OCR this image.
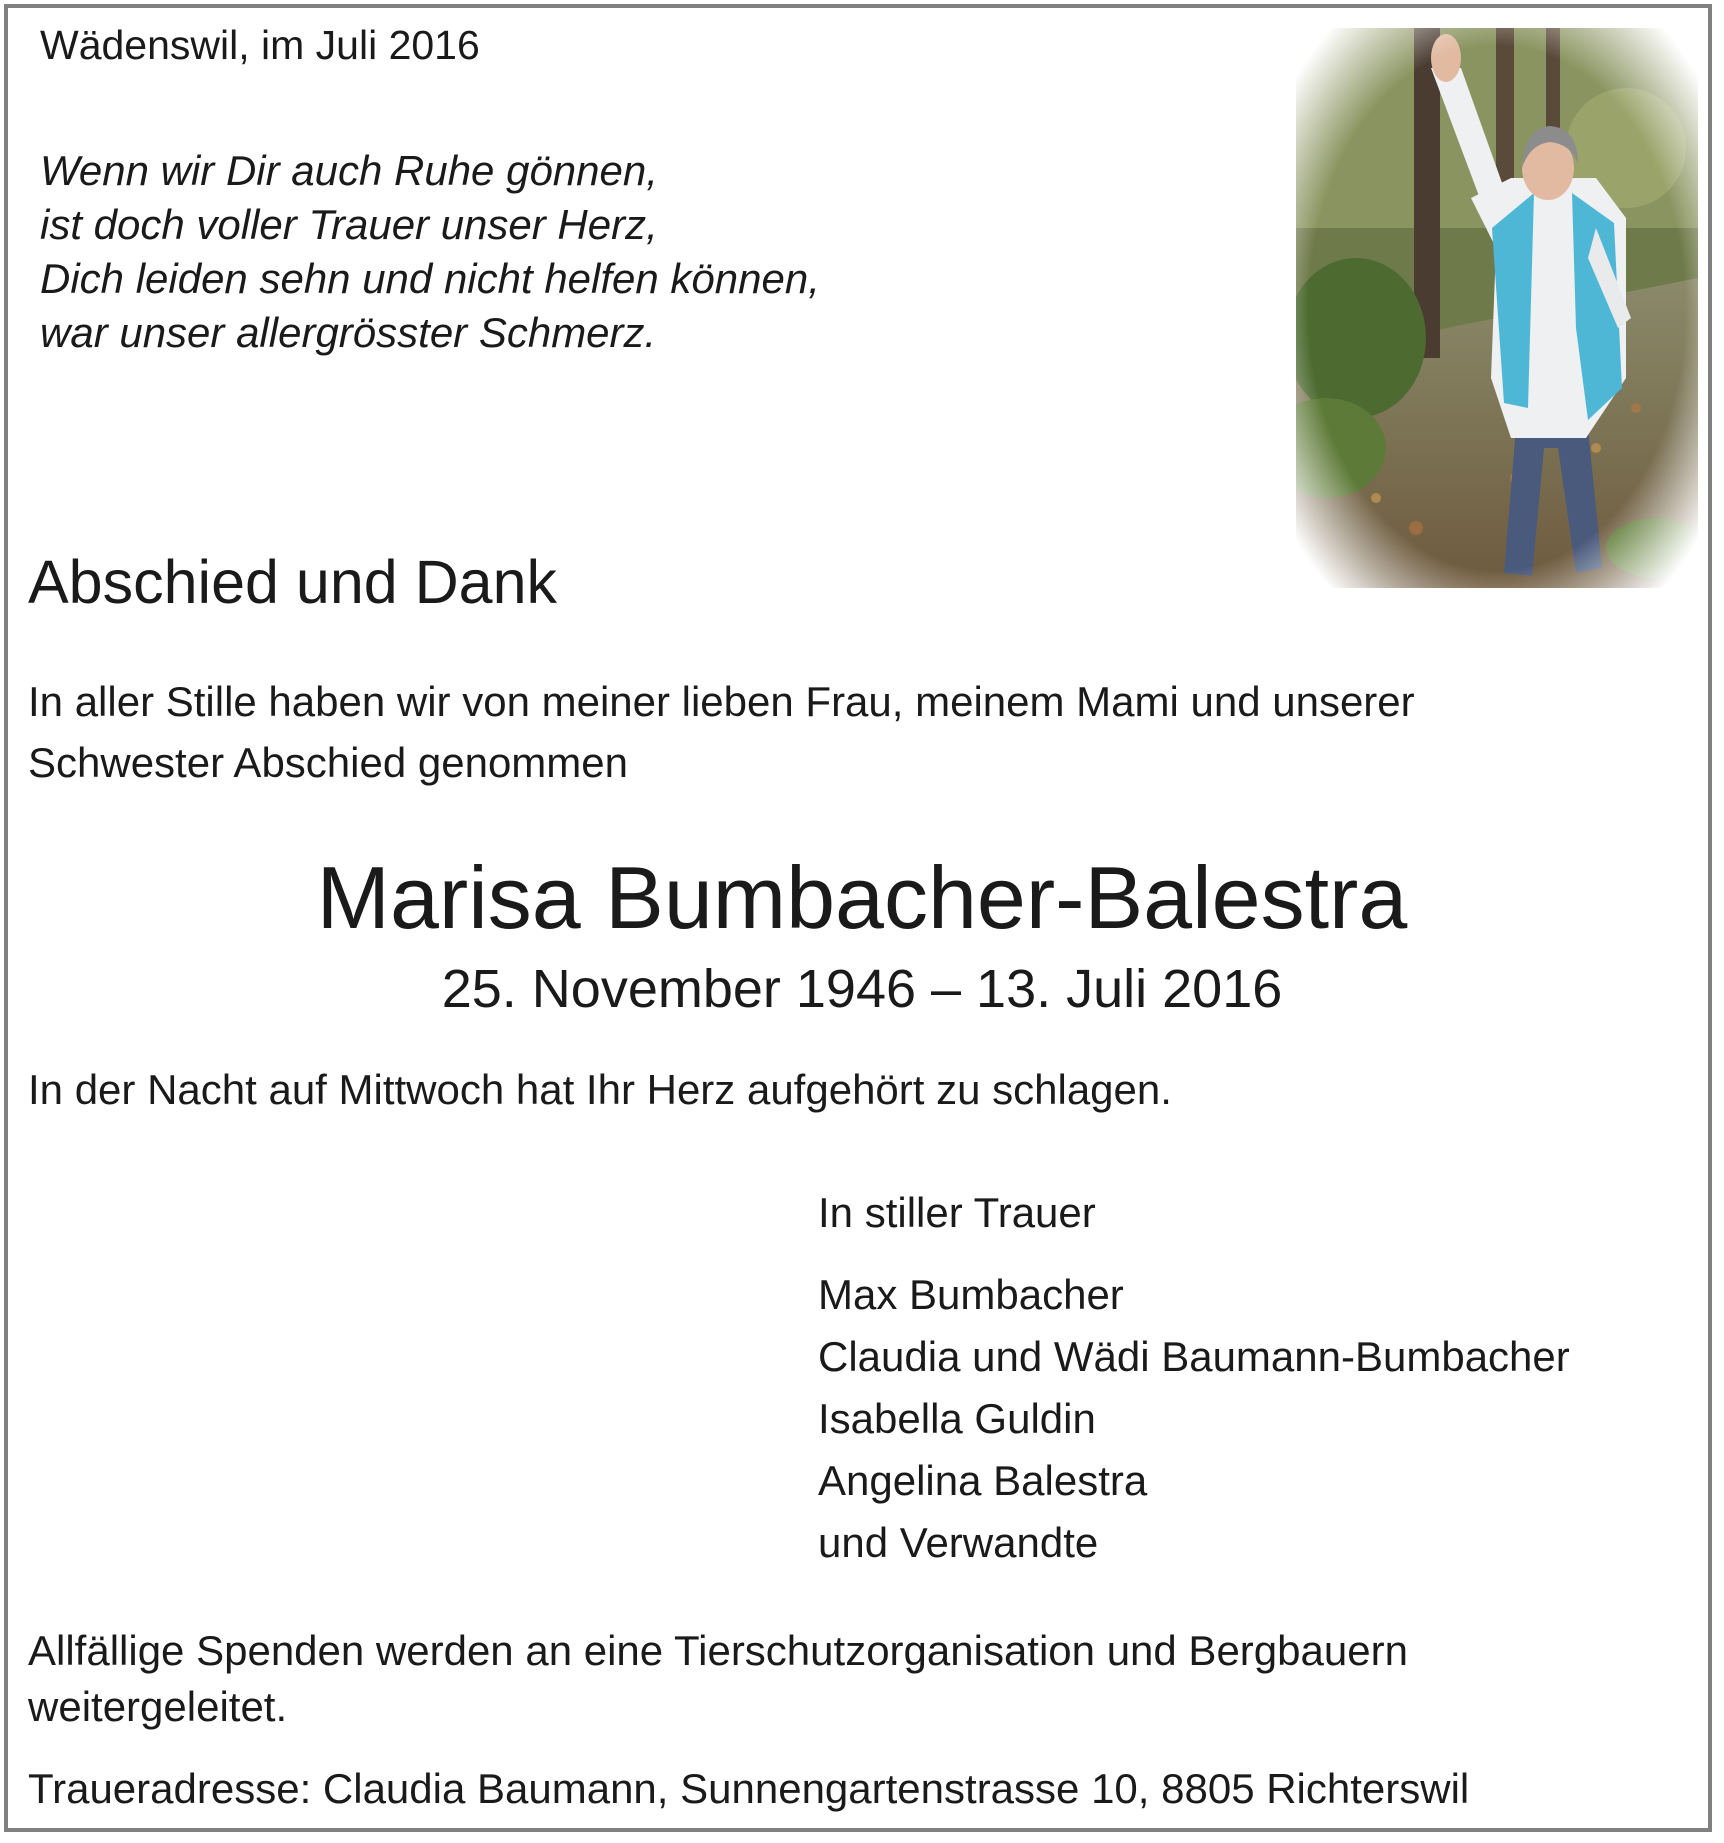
Wädenswil, im Juli 2016
Wenn wir Dir auch Ruhe gönnen,
ist doch voller Trauer unser Herz,
Dich leiden sehn und nicht helfen können,
war unser allergrösster Schmerz.
Abschied und Dank
In aller Stille haben wir von meiner lieben Frau, meinem Mami und unserer
Schwester Abschied genommen
Marisa Bumbacher-Balestra
25. November 1946 – 13. Juli 2016
In der Nacht auf Mittwoch hat Ihr Herz aufgehört zu schlagen.
In stiller Trauer
Max Bumbacher
Claudia und Wädi Baumann-Bumbacher
Isabella Guldin
Angelina Balestra
und Verwandte
Allfällige Spenden werden an eine Tierschutzorganisation und Bergbauern
weitergeleitet.
Traueradresse: Claudia Baumann, Sunnengartenstrasse 10, 8805 Richterswil
